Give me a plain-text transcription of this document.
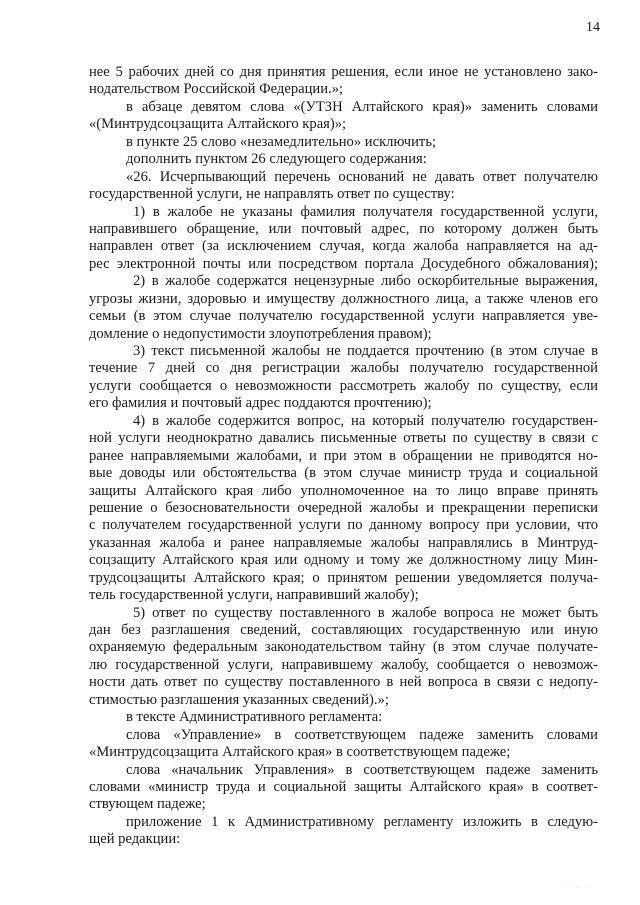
14
нее 5 рабочих дней со дня принятия решения, если иное не установлено зако-
нодательством Российской Федерации.»;
в абзаце девятом слова «(УТЗН Алтайского края)» заменить словами
«(Минтрудсоцзащита Алтайского края)»;
в пункте 25 слово «незамедлительно» исключить;
дополнить пунктом 26 следующего содержания:
«26. Исчерпывающий перечень оснований не давать ответ получателю
государственной услуги, не направлять ответ по существу:
1) в жалобе не указаны фамилия получателя государственной услуги,
направившего обращение, или почтовый адрес, по которому должен быть
направлен ответ (за исключением случая, когда жалоба направляется на ад-
рес электронной почты или посредством портала Досудебного обжалования);
2) в жалобе содержатся нецензурные либо оскорбительные выражения,
угрозы жизни, здоровью и имуществу должностного лица, а также членов его
семьи (в этом случае получателю государственной услуги направляется уве-
домление о недопустимости злоупотребления правом);
3) текст письменной жалобы не поддается прочтению (в этом случае в
течение 7 дней со дня регистрации жалобы получателю государственной
услуги сообщается о невозможности рассмотреть жалобу по существу, если
его фамилия и почтовый адрес поддаются прочтению);
4) в жалобе содержится вопрос, на который получателю государствен-
ной услуги неоднократно давались письменные ответы по существу в связи с
ранее направляемыми жалобами, и при этом в обращении не приводятся но-
вые доводы или обстоятельства (в этом случае министр труда и социальной
защиты Алтайского края либо уполномоченное на то лицо вправе принять
решение о безосновательности очередной жалобы и прекращении переписки
с получателем государственной услуги по данному вопросу при условии, что
указанная жалоба и ранее направляемые жалобы направлялись в Минтруд-
соцзащиту Алтайского края или одному и тому же должностному лицу Мин-
трудсоцзащиты Алтайского края; о принятом решении уведомляется получа-
тель государственной услуги, направивший жалобу);
5) ответ по существу поставленного в жалобе вопроса не может быть
дан без разглашения сведений, составляющих государственную или иную
охраняемую федеральным законодательством тайну (в этом случае получате-
лю государственной услуги, направившему жалобу, сообщается о невозмож-
ности дать ответ по существу поставленного в ней вопроса в связи с недопу-
стимостью разглашения указанных сведений).»;
в тексте Административного регламента:
слова «Управление» в соответствующем падеже заменить словами
«Минтрудсоцзащита Алтайского края» в соответствующем падеже;
слова «начальник Управления» в соответствующем падеже заменить
словами «министр труда и социальной защиты Алтайского края» в соответ-
ствующем падеже;
приложение 1 к Административному регламенту изложить в следую-
щей редакции:
· · ·
